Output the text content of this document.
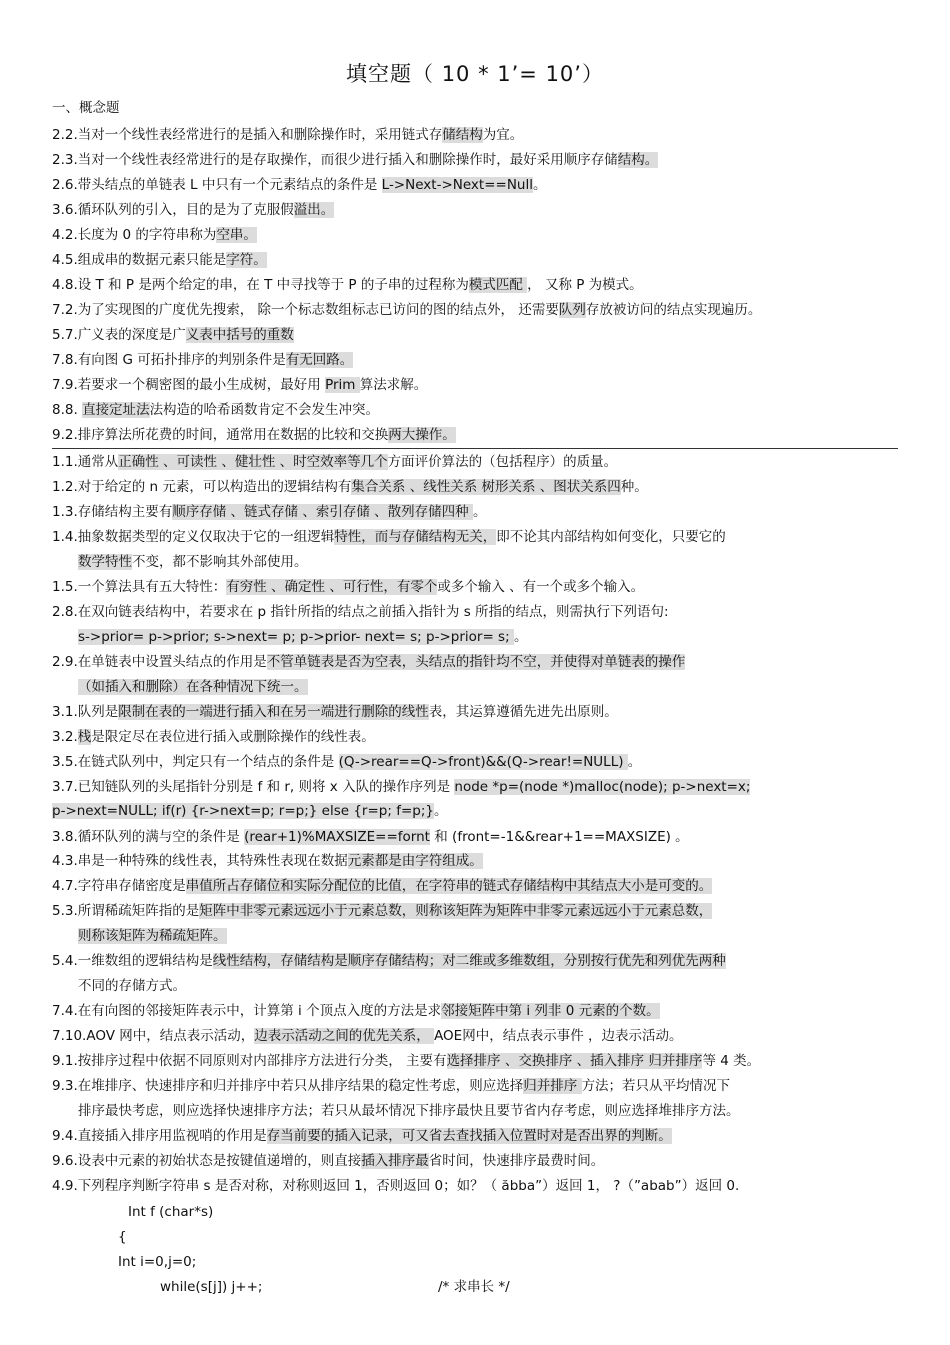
填空题（ 10 * 1’= 10’）
一、概念题
2.2.当对一个线性表经常进行的是插入和删除操作时，采用链式存储结构为宜。
2.3.当对一个线性表经常进行的是存取操作，而很少进行插入和删除操作时，最好采用顺序存储结构。
2.6.带头结点的单链表 L 中只有一个元素结点的条件是 L->Next->Next==Null。
3.6.循环队列的引入，目的是为了克服假溢出。
4.2.长度为 0 的字符串称为空串。
4.5.组成串的数据元素只能是字符。
4.8.设 T 和 P 是两个给定的串，在 T 中寻找等于 P 的子串的过程称为模式匹配 ， 又称 P 为模式。
7.2.为了实现图的广度优先搜索， 除一个标志数组标志已访问的图的结点外， 还需要队列存放被访问的结点实现遍历。
5.7.广义表的深度是广义表中括号的重数
7.8.有向图 G 可拓扑排序的判别条件是有无回路。
7.9.若要求一个稠密图的最小生成树，最好用 Prim 算法求解。
8.8. 直接定址法法构造的哈希函数肯定不会发生冲突。
9.2.排序算法所花费的时间，通常用在数据的比较和交换两大操作。
1.1.通常从正确性 、可读性 、健壮性 、时空效率等几个方面评价算法的（包括程序）的质量。
1.2.对于给定的 n 元素，可以构造出的逻辑结构有集合关系 、线性关系 树形关系 、图状关系四种。
1.3.存储结构主要有顺序存储 、链式存储 、索引存储 、散列存储四种 。
1.4.抽象数据类型的定义仅取决于它的一组逻辑特性，而与存储结构无关，即不论其内部结构如何变化，只要它的
数学特性不变，都不影响其外部使用。
1.5.一个算法具有五大特性：有穷性 、确定性 、可行性，有零个或多个输入 、有一个或多个输入。
2.8.在双向链表结构中，若要求在 p 指针所指的结点之前插入指针为 s 所指的结点，则需执行下列语句:
s->prior= p->prior; s->next= p; p->prior- next= s; p->prior= s; 。
2.9.在单链表中设置头结点的作用是不管单链表是否为空表，头结点的指针均不空，并使得对单链表的操作
（如插入和删除）在各种情况下统一。
3.1.队列是限制在表的一端进行插入和在另一端进行删除的线性表，其运算遵循先进先出原则。
3.2.栈是限定尽在表位进行插入或删除操作的线性表。
3.5.在链式队列中，判定只有一个结点的条件是 (Q->rear==Q->front)&&(Q->rear!=NULL) 。
3.7.已知链队列的头尾指针分别是 f 和 r, 则将 x 入队的操作序列是 node *p=(node *)malloc(node); p->next=x;
p->next=NULL; if(r) {r->next=p; r=p;} else {r=p; f=p;}。
3.8.循环队列的满与空的条件是 (rear+1)%MAXSIZE==fornt 和 (front=-1&&rear+1==MAXSIZE) 。
4.3.串是一种特殊的线性表，其特殊性表现在数据元素都是由字符组成。
4.7.字符串存储密度是串值所占存储位和实际分配位的比值，在字符串的链式存储结构中其结点大小是可变的。
5.3.所谓稀疏矩阵指的是矩阵中非零元素远远小于元素总数，则称该矩阵为矩阵中非零元素远远小于元素总数，
则称该矩阵为稀疏矩阵。
5.4.一维数组的逻辑结构是线性结构，存储结构是顺序存储结构；对二维或多维数组，分别按行优先和列优先两种
不同的存储方式。
7.4.在有向图的邻接矩阵表示中，计算第 i 个顶点入度的方法是求邻接矩阵中第 i 列非 0 元素的个数。
7.10.AOV 网中，结点表示活动，边表示活动之间的优先关系， AOE网中，结点表示事件 ，边表示活动。
9.1.按排序过程中依据不同原则对内部排序方法进行分类， 主要有选择排序 、交换排序 、插入排序 归并排序等 4 类。
9.3.在堆排序、快速排序和归并排序中若只从排序结果的稳定性考虑，则应选择归并排序 方法；若只从平均情况下
排序最快考虑，则应选择快速排序方法；若只从最坏情况下排序最快且要节省内存考虑，则应选择堆排序方法。
9.4.直接插入排序用监视哨的作用是存当前要的插入记录，可又省去查找插入位置时对是否出界的判断。
9.6.设表中元素的初始状态是按键值递增的，则直接插入排序最省时间，快速排序最费时间。
4.9.下列程序判断字符串 s 是否对称，对称则返回 1，否则返回 0；如？（ ăbba”）返回 1， ?（”abab”）返回 0.
Int f (char*s)
{
Int i=0,j=0;
while(s[j]) j++;	/* 求串长 */
